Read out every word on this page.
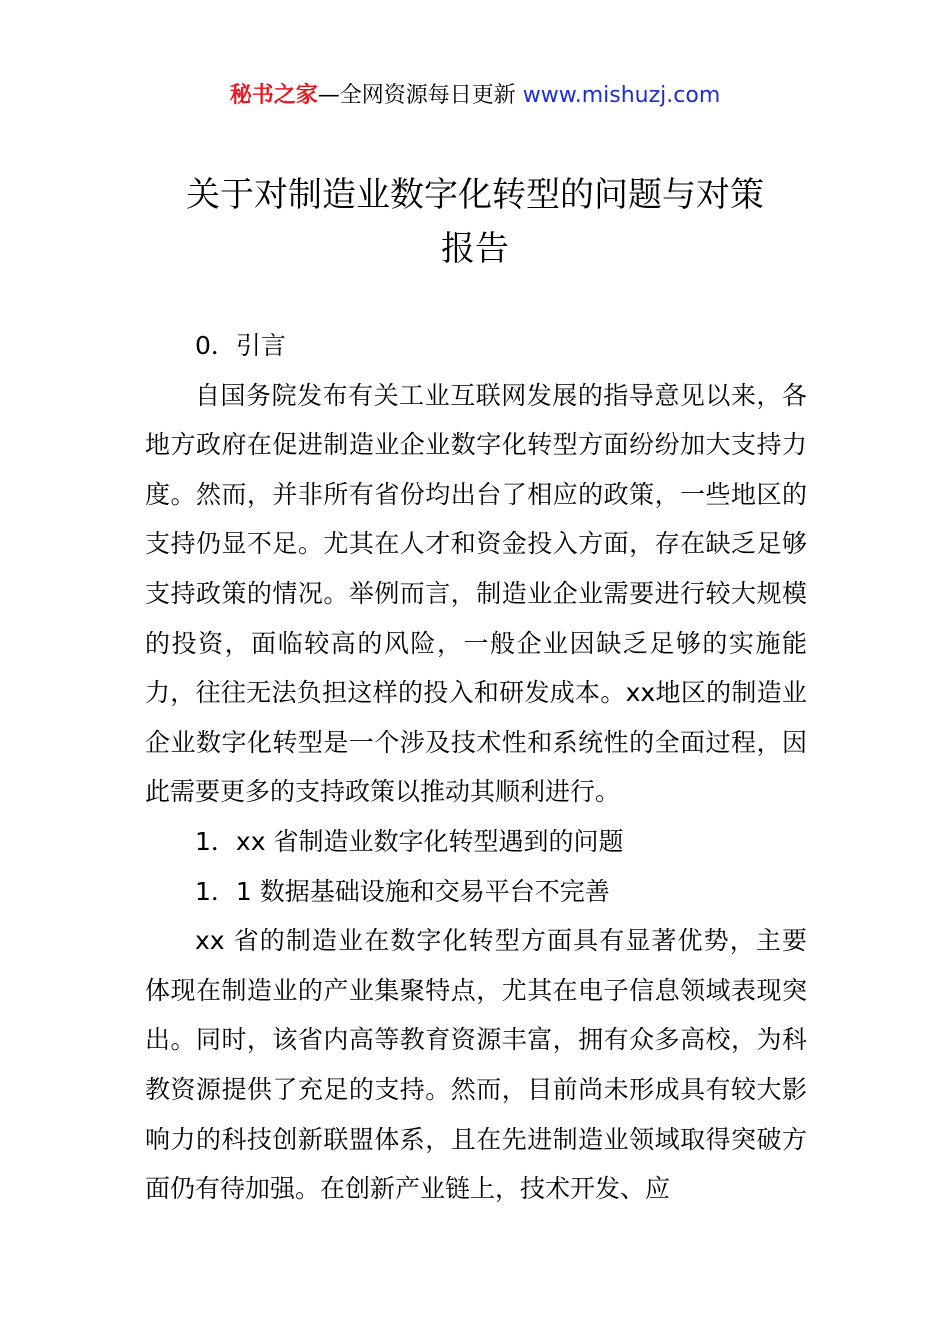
秘书之家—全网资源每日更新 www.mishuzj.com
关于对制造业数字化转型的问题与对策
报告

0．引言

自国务院发布有关工业互联网发展的指导意见以来，各地方政府在促进制造业企业数字化转型方面纷纷加大支持力度。然而，并非所有省份均出台了相应的政策，一些地区的支持仍显不足。尤其在人才和资金投入方面，存在缺乏足够支持政策的情况。举例而言，制造业企业需要进行较大规模的投资，面临较高的风险，一般企业因缺乏足够的实施能力，往往无法负担这样的投入和研发成本。xx地区的制造业企业数字化转型是一个涉及技术性和系统性的全面过程，因此需要更多的支持政策以推动其顺利进行。

1．xx 省制造业数字化转型遇到的问题

1．1 数据基础设施和交易平台不完善

xx 省的制造业在数字化转型方面具有显著优势，主要体现在制造业的产业集聚特点，尤其在电子信息领域表现突出。同时，该省内高等教育资源丰富，拥有众多高校，为科教资源提供了充足的支持。然而，目前尚未形成具有较大影响力的科技创新联盟体系，且在先进制造业领域取得突破方面仍有待加强。在创新产业链上，技术开发、应
